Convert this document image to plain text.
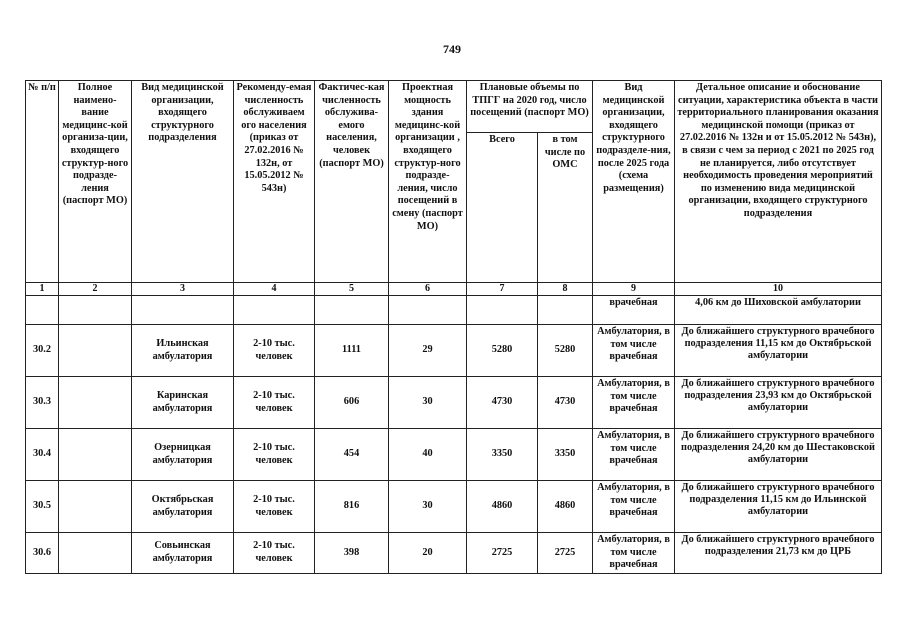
749
№ п/п	Полное наимено-вание медицинс-кой организа-ции, входящего структур-ного подразде-ления (паспорт МО)	Вид медицинской организации, входящего структурного подразделения	Рекоменду-емая численность обслуживаем ого населения (приказ от 27.02.2016 № 132н, от 15.05.2012 № 543н)	Фактичес-кая численность обслужива-емого населения, человек (паспорт МО)	Проектная мощность здания медицинс-кой организации , входящего структур-ного подразде-ления, число посещений в смену (паспорт МО)	Плановые объемы по ТПГГ на 2020 год, число посещений (паспорт МО)		Вид медицинской организации, входящего структурного подразделе-ния, после 2025 года (схема размещения)	Детальное описание и обоснование ситуации, характеристика объекта в части территориального планирования оказания медицинской помощи (приказ от 27.02.2016 № 132н и от 15.05.2012 № 543н), в связи с чем за период с 2021 по 2025 год не планируется, либо отсутствует необходимость проведения мероприятий по изменению вида медицинской организации, входящего структурного подразделения
						Всего	в том числе по ОМС		
1	2	3	4	5	6	7	8	9	10
								врачебная	4,06 км до Шиховской амбулатории
30.2		Ильинская амбулатория	2-10 тыс. человек	1111	29	5280	5280	Амбулатория, в том числе врачебная	До ближайшего структурного врачебного подразделения 11,15 км до Октябрьской амбулатории
30.3		Каринская амбулатория	2-10 тыс. человек	606	30	4730	4730	Амбулатория, в том числе врачебная	До ближайшего структурного врачебного подразделения 23,93 км до Октябрьской амбулатории
30.4		Озерницкая амбулатория	2-10 тыс. человек	454	40	3350	3350	Амбулатория, в том числе врачебная	До ближайшего структурного врачебного подразделения 24,20 км до Шестаковской амбулатории
30.5		Октябрьская амбулатория	2-10 тыс. человек	816	30	4860	4860	Амбулатория, в том числе врачебная	До ближайшего структурного врачебного подразделения 11,15 км до Ильинской амбулатории
30.6		Совьинская амбулатория	2-10 тыс. человек	398	20	2725	2725	Амбулатория, в том числе врачебная	До ближайшего структурного врачебного подразделения 21,73 км до ЦРБ
